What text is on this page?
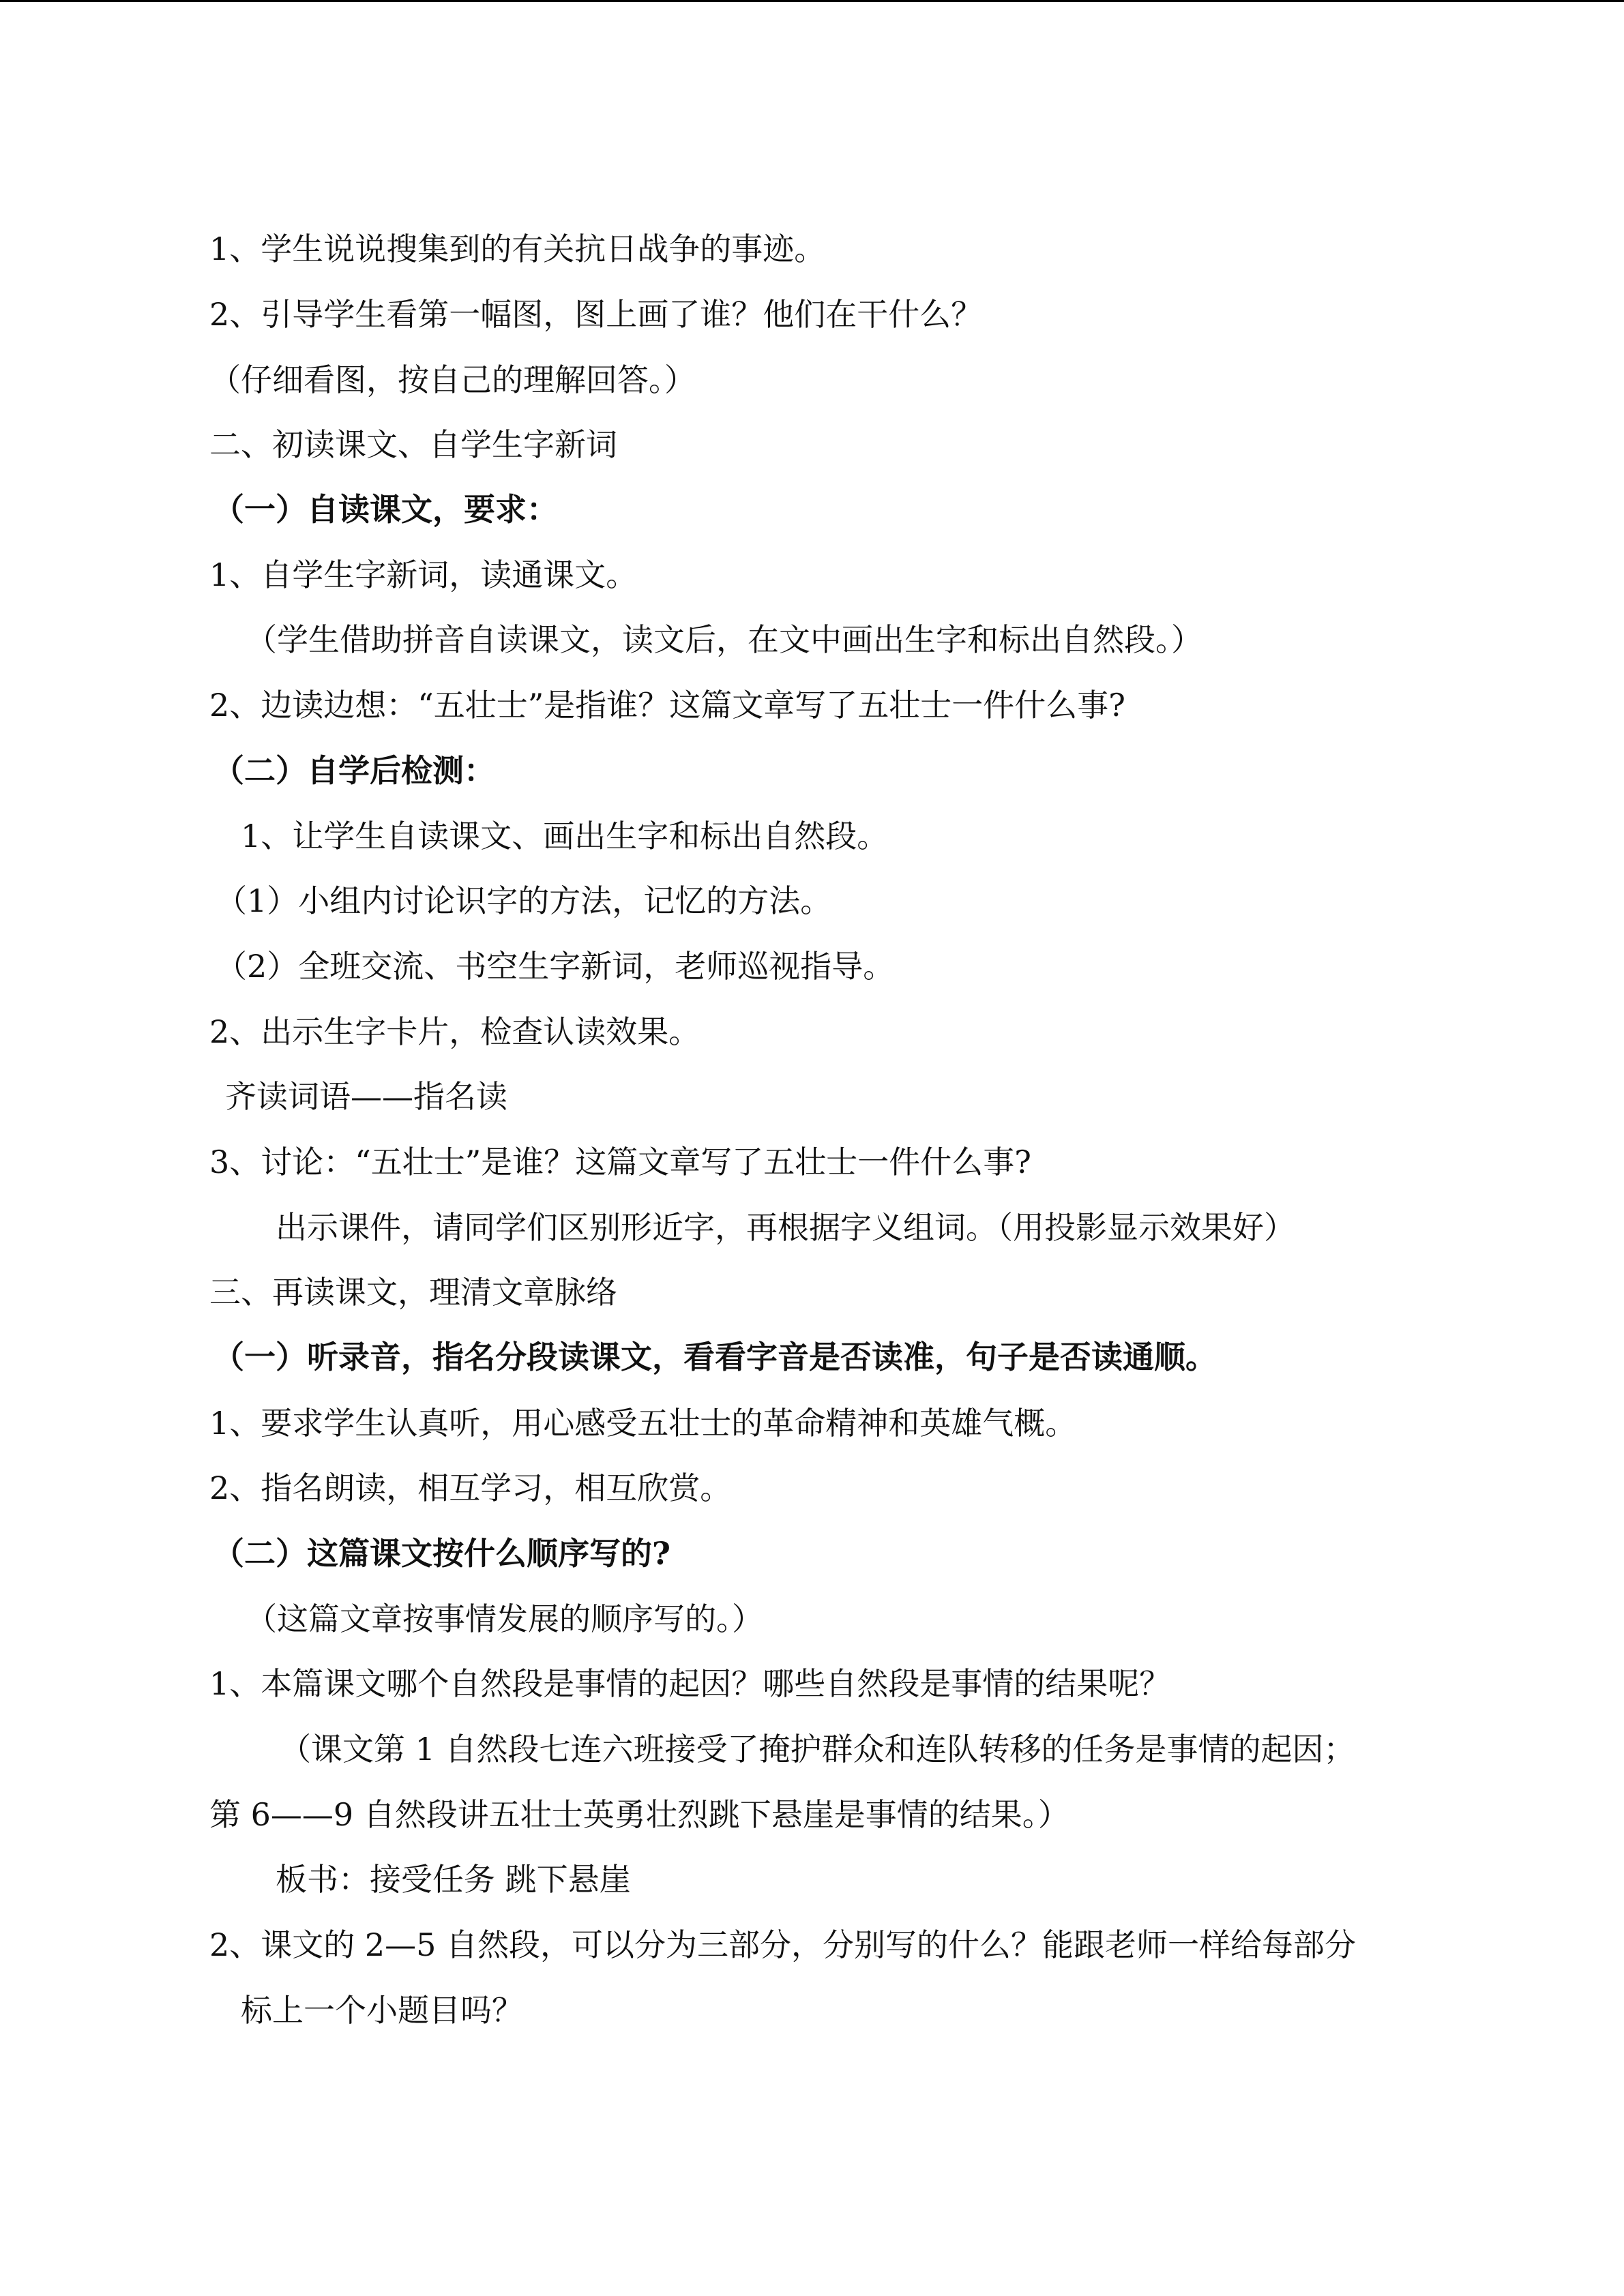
1、学生说说搜集到的有关抗日战争的事迹。
2、引导学生看第一幅图，图上画了谁？他们在干什么？
（仔细看图，按自己的理解回答。）
二、初读课文、自学生字新词
（一）自读课文，要求：
1、自学生字新词，读通课文。
（学生借助拼音自读课文，读文后，在文中画出生字和标出自然段。）
2、边读边想：“五壮士”是指谁？这篇文章写了五壮士一件什么事?
（二）自学后检测：
1、让学生自读课文、画出生字和标出自然段。
（1）小组内讨论识字的方法，记忆的方法。
（2）全班交流、书空生字新词，老师巡视指导。
2、出示生字卡片，检查认读效果。
齐读词语——指名读
3、讨论：“五壮士”是谁？这篇文章写了五壮士一件什么事?
出示课件，请同学们区别形近字，再根据字义组词。（用投影显示效果好）
三、再读课文，理清文章脉络
（一）听录音，指名分段读课文，看看字音是否读准，句子是否读通顺。
1、要求学生认真听，用心感受五壮士的革命精神和英雄气概。
2、指名朗读，相互学习，相互欣赏。
（二）这篇课文按什么顺序写的?
（这篇文章按事情发展的顺序写的。）
1、本篇课文哪个自然段是事情的起因？哪些自然段是事情的结果呢？
（课文第 1 自然段七连六班接受了掩护群众和连队转移的任务是事情的起因；
第 6——9 自然段讲五壮士英勇壮烈跳下悬崖是事情的结果。）
板书：接受任务 跳下悬崖
2、课文的 2—5 自然段，可以分为三部分，分别写的什么？能跟老师一样给每部分
标上一个小题目吗？
